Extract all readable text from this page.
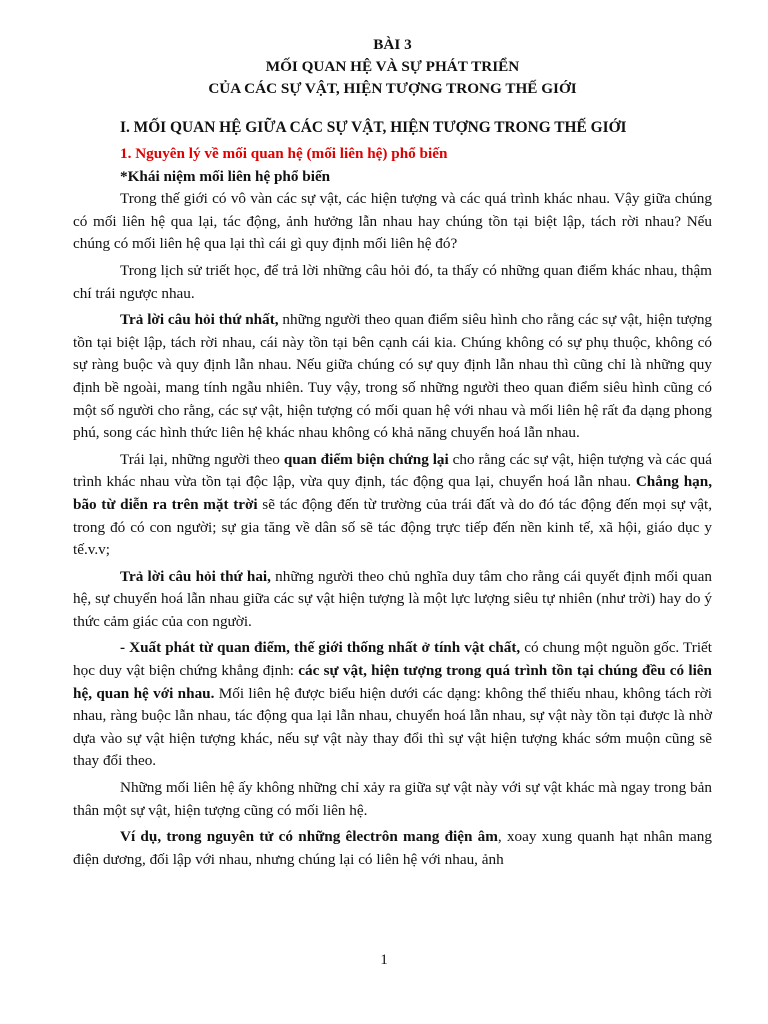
BÀI 3
MỐI QUAN HỆ VÀ SỰ PHÁT TRIỂN
CỦA CÁC SỰ VẬT, HIỆN TƯỢNG TRONG THẾ GIỚI
I. MỐI QUAN HỆ GIỮA CÁC SỰ VẬT, HIỆN TƯỢNG TRONG THẾ GIỚI
1. Nguyên lý về mối quan hệ (mối liên hệ) phổ biến
*Khái niệm mối liên hệ phổ biến

Trong thế giới có vô vàn các sự vật, các hiện tượng và các quá trình khác nhau. Vậy giữa chúng có mối liên hệ qua lại, tác động, ảnh hưởng lẫn nhau hay chúng tồn tại biệt lập, tách rời nhau? Nếu chúng có mối liên hệ qua lại thì cái gì quy định mối liên hệ đó?

Trong lịch sử triết học, để trả lời những câu hỏi đó, ta thấy có những quan điểm khác nhau, thậm chí trái ngược nhau.

Trả lời câu hỏi thứ nhất, những người theo quan điểm siêu hình cho rằng các sự vật, hiện tượng tồn tại biệt lập, tách rời nhau, cái này tồn tại bên cạnh cái kia. Chúng không có sự phụ thuộc, không có sự ràng buộc và quy định lẫn nhau. Nếu giữa chúng có sự quy định lẫn nhau thì cũng chỉ là những quy định bề ngoài, mang tính ngẫu nhiên. Tuy vậy, trong số những người theo quan điểm siêu hình cũng có một số người cho rằng, các sự vật, hiện tượng có mối quan hệ với nhau và mối liên hệ rất đa dạng phong phú, song các hình thức liên hệ khác nhau không có khả năng chuyển hoá lẫn nhau.

Trái lại, những người theo quan điểm biện chứng lại cho rằng các sự vật, hiện tượng và các quá trình khác nhau vừa tồn tại độc lập, vừa quy định, tác động qua lại, chuyển hoá lẫn nhau. Chẳng hạn, bão từ diễn ra trên mặt trời sẽ tác động đến từ trường của trái đất và do đó tác động đến mọi sự vật, trong đó có con người; sự gia tăng về dân số sẽ tác động trực tiếp đến nền kinh tế, xã hội, giáo dục y tế.v.v;

Trả lời câu hỏi thứ hai, những người theo chủ nghĩa duy tâm cho rằng cái quyết định mối quan hệ, sự chuyển hoá lẫn nhau giữa các sự vật hiện tượng là một lực lượng siêu tự nhiên (như trời) hay do ý thức cảm giác của con người.

- Xuất phát từ quan điểm, thế giới thống nhất ở tính vật chất, có chung một nguồn gốc. Triết học duy vật biện chứng khẳng định: các sự vật, hiện tượng trong quá trình tồn tại chúng đều có liên hệ, quan hệ với nhau. Mối liên hệ được biểu hiện dưới các dạng: không thể thiếu nhau, không tách rời nhau, ràng buộc lẫn nhau, tác động qua lại lẫn nhau, chuyển hoá lẫn nhau, sự vật này tồn tại được là nhờ dựa vào sự vật hiện tượng khác, nếu sự vật này thay đổi thì sự vật hiện tượng khác sớm muộn cũng sẽ thay đổi theo.

Những mối liên hệ ấy không những chỉ xảy ra giữa sự vật này với sự vật khác mà ngay trong bản thân một sự vật, hiện tượng cũng có mối liên hệ.

Ví dụ, trong nguyên tử có những êlectrôn mang điện âm, xoay xung quanh hạt nhân mang điện dương, đối lập với nhau, nhưng chúng lại có liên hệ với nhau, ảnh

1
